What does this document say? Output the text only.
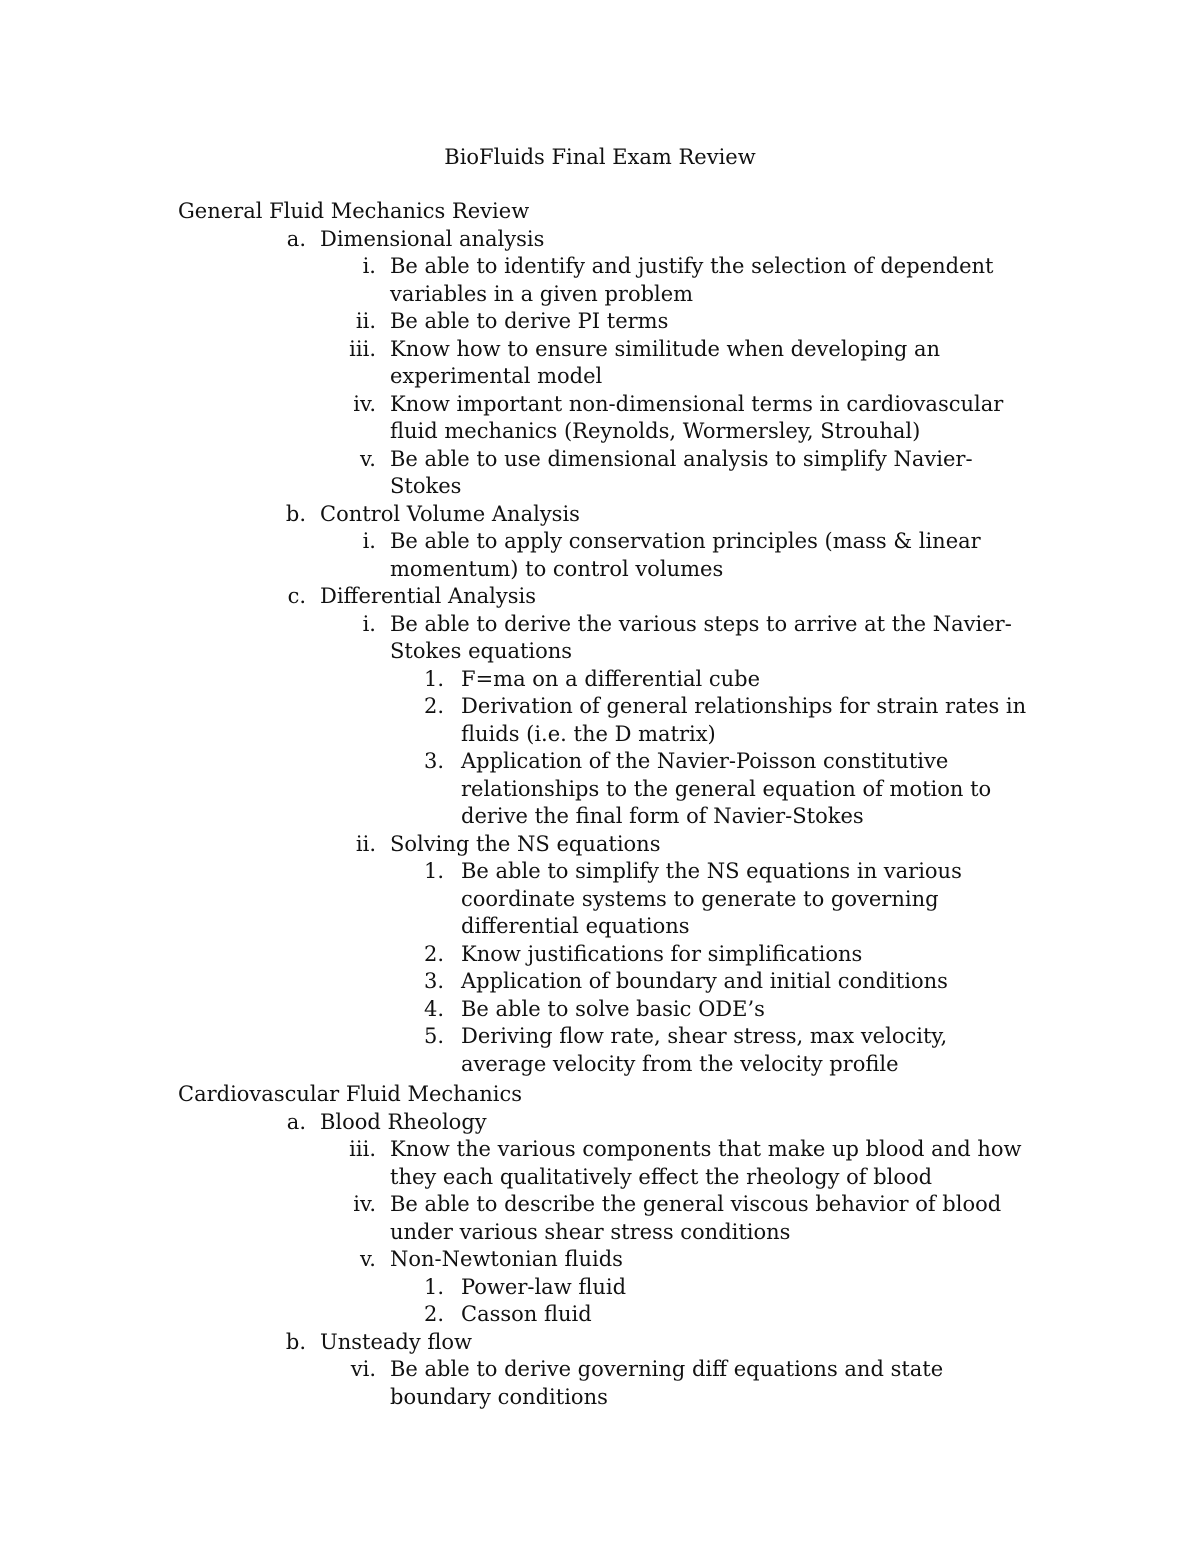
BioFluids Final Exam Review
General Fluid Mechanics Review
a. Dimensional analysis
i. Be able to identify and justify the selection of dependent variables in a given problem
ii. Be able to derive PI terms
iii. Know how to ensure similitude when developing an experimental model
iv. Know important non-dimensional terms in cardiovascular fluid mechanics (Reynolds, Wormersley, Strouhal)
v. Be able to use dimensional analysis to simplify Navier-Stokes
b. Control Volume Analysis
i. Be able to apply conservation principles (mass & linear momentum) to control volumes
c. Differential Analysis
i. Be able to derive the various steps to arrive at the Navier-Stokes equations
1. F=ma on a differential cube
2. Derivation of general relationships for strain rates in fluids (i.e. the D matrix)
3. Application of the Navier-Poisson constitutive relationships to the general equation of motion to derive the final form of Navier-Stokes
ii. Solving the NS equations
1. Be able to simplify the NS equations in various coordinate systems to generate to governing differential equations
2. Know justifications for simplifications
3. Application of boundary and initial conditions
4. Be able to solve basic ODE’s
5. Deriving flow rate, shear stress, max velocity, average velocity from the velocity profile
Cardiovascular Fluid Mechanics
a. Blood Rheology
iii. Know the various components that make up blood and how they each qualitatively effect the rheology of blood
iv. Be able to describe the general viscous behavior of blood under various shear stress conditions
v. Non-Newtonian fluids
1. Power-law fluid
2. Casson fluid
b. Unsteady flow
vi. Be able to derive governing diff equations and state boundary conditions
